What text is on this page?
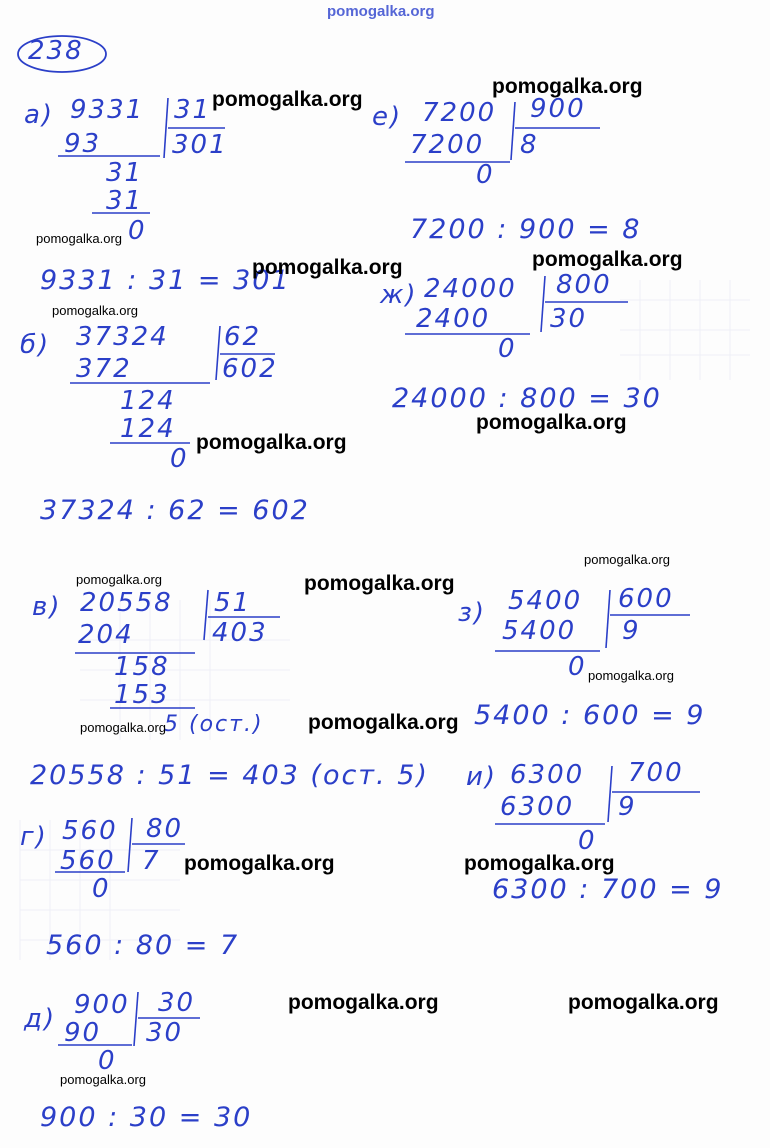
pomogalka.org
238
а) 9331 31
301
93
31
31
0
9331 : 31 = 301
б) 37324 62
602
372
124
124
0
37324 : 62 = 602
в) 20558 51
403
204
158
153
5 (ост.)
20558 : 51 = 403 (ост. 5)
г) 560 80
7
560
0
560 : 80 = 7
д) 900 30
30
90
0
900 : 30 = 30
е) 7200 900
8
7200
0
7200 : 900 = 8
ж) 24000 800
30
2400
0
24000 : 800 = 30
з) 5400 600
9
5400
0
5400 : 600 = 9
и) 6300 700
9
6300
0
6300 : 700 = 9
pomogalka.org
pomogalka.org
pomogalka.org
pomogalka.org	pomogalka.org
pomogalka.org
pomogalka.org
pomogalka.org
pomogalka.org
pomogalka.org	pomogalka.org
pomogalka.org
pomogalka.org	pomogalka.org
pomogalka.org	pomogalka.org
pomogalka.org	pomogalka.org
pomogalka.org
